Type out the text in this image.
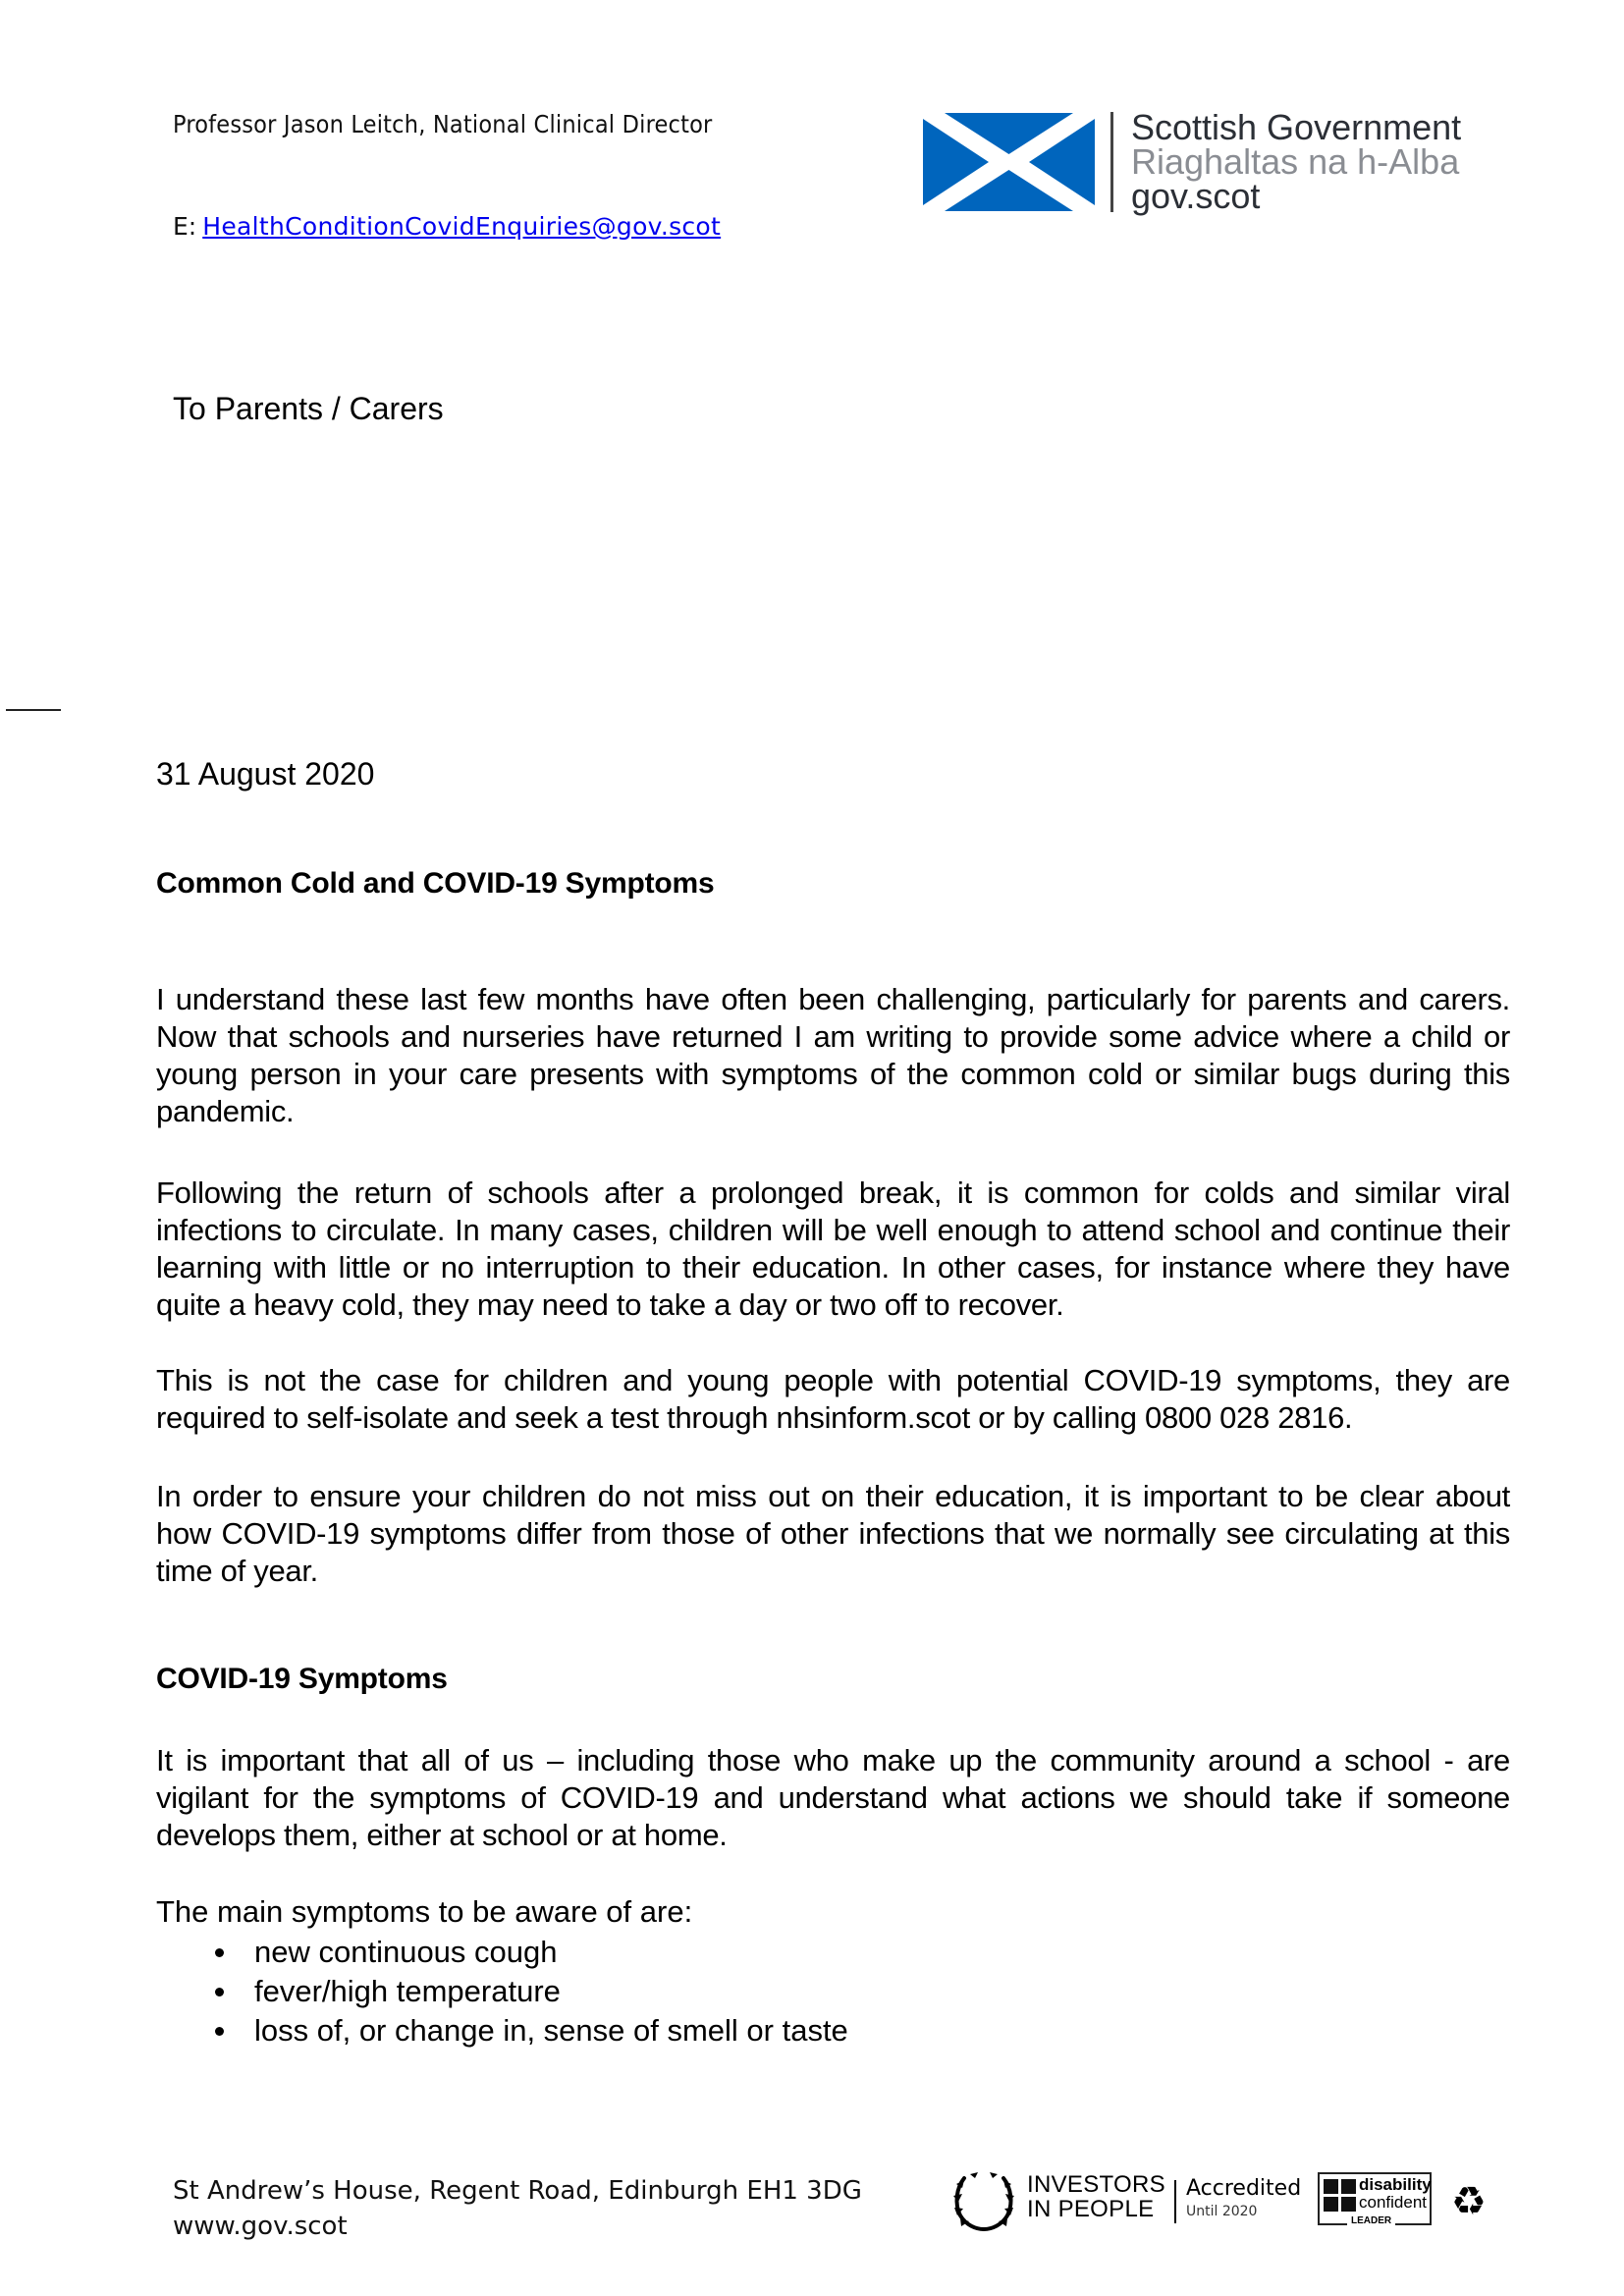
Professor Jason Leitch, National Clinical Director
E: HealthConditionCovidEnquiries@gov.scot
Scottish Government
Riaghaltas na h-Alba
gov.scot
To Parents / Carers
31 August 2020
Common Cold and COVID-19 Symptoms
I understand these last few months have often been challenging, particularly for parents and carers. Now that schools and nurseries have returned I am writing to provide some advice where a child or young person in your care presents with symptoms of the common cold or similar bugs during this pandemic.
Following the return of schools after a prolonged break, it is common for colds and similar viral infections to circulate. In many cases, children will be well enough to attend school and continue their learning with little or no interruption to their education. In other cases, for instance where they have quite a heavy cold, they may need to take a day or two off to recover.
This is not the case for children and young people with potential COVID-19 symptoms, they are required to self-isolate and seek a test through nhsinform.scot or by calling 0800 028 2816.
In order to ensure your children do not miss out on their education, it is important to be clear about how COVID-19 symptoms differ from those of other infections that we normally see circulating at this time of year.
COVID-19 Symptoms
It is important that all of us – including those who make up the community around a school - are vigilant for the symptoms of COVID-19 and understand what actions we should take if someone develops them, either at school or at home.
The main symptoms to be aware of are:
new continuous cough
fever/high temperature
loss of, or change in, sense of smell or taste
St Andrew’s House, Regent Road, Edinburgh EH1 3DG
www.gov.scot
INVESTORS
IN PEOPLE
Accredited
Until 2020
disability
confident
LEADER ♻
